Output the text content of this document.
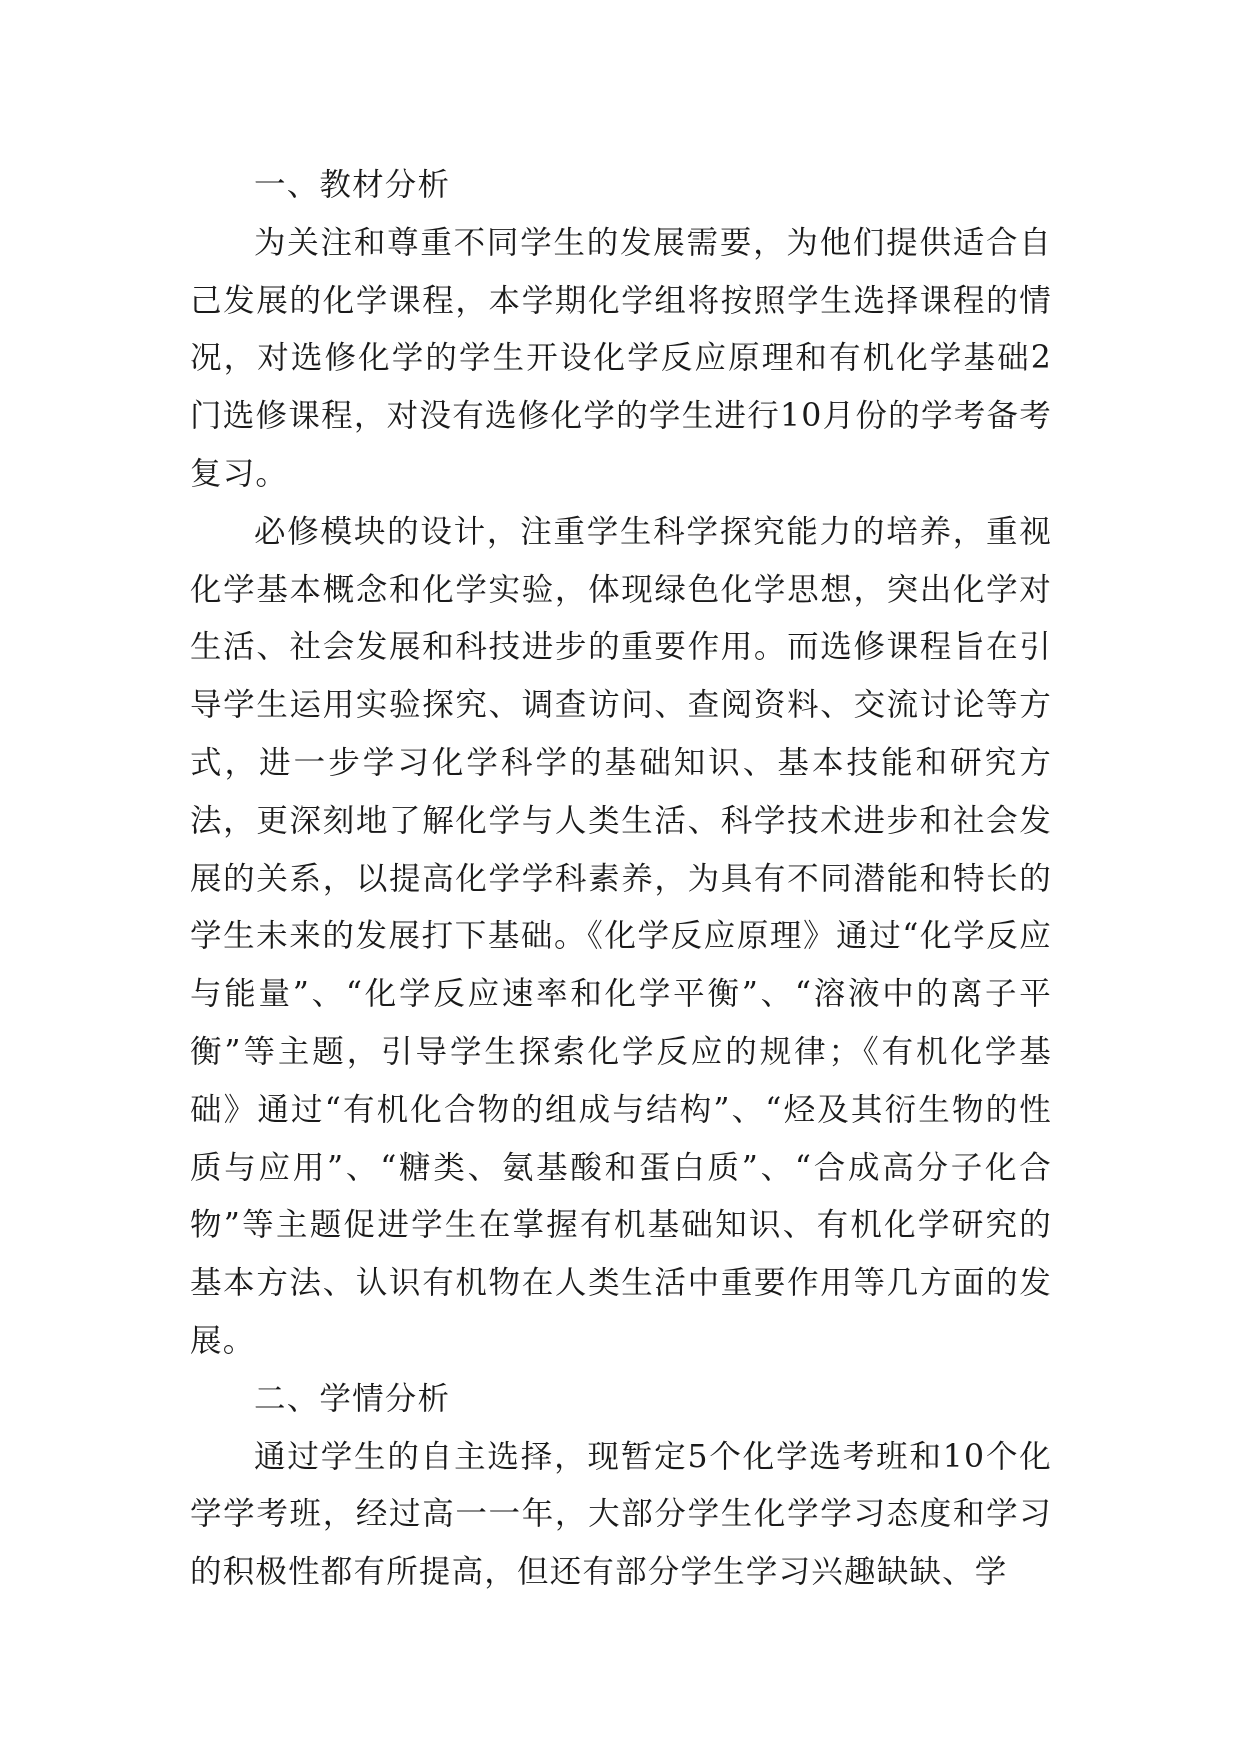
一、教材分析

为关注和尊重不同学生的发展需要，为他们提供适合自己发展的化学课程，本学期化学组将按照学生选择课程的情况，对选修化学的学生开设化学反应原理和有机化学基础2门选修课程，对没有选修化学的学生进行10月份的学考备考复习。

必修模块的设计，注重学生科学探究能力的培养，重视化学基本概念和化学实验，体现绿色化学思想，突出化学对生活、社会发展和科技进步的重要作用。而选修课程旨在引导学生运用实验探究、调查访问、查阅资料、交流讨论等方式，进一步学习化学科学的基础知识、基本技能和研究方法，更深刻地了解化学与人类生活、科学技术进步和社会发展的关系，以提高化学学科素养，为具有不同潜能和特长的学生未来的发展打下基础。《化学反应原理》通过“化学反应与能量”、“化学反应速率和化学平衡”、“溶液中的离子平衡”等主题，引导学生探索化学反应的规律；《有机化学基础》通过“有机化合物的组成与结构”、“烃及其衍生物的性质与应用”、“糖类、氨基酸和蛋白质”、“合成高分子化合物”等主题促进学生在掌握有机基础知识、有机化学研究的基本方法、认识有机物在人类生活中重要作用等几方面的发展。

二、学情分析

通过学生的自主选择，现暂定5个化学选考班和10个化学学考班，经过高一一年，大部分学生化学学习态度和学习的积极性都有所提高，但还有部分学生学习兴趣缺缺、学
